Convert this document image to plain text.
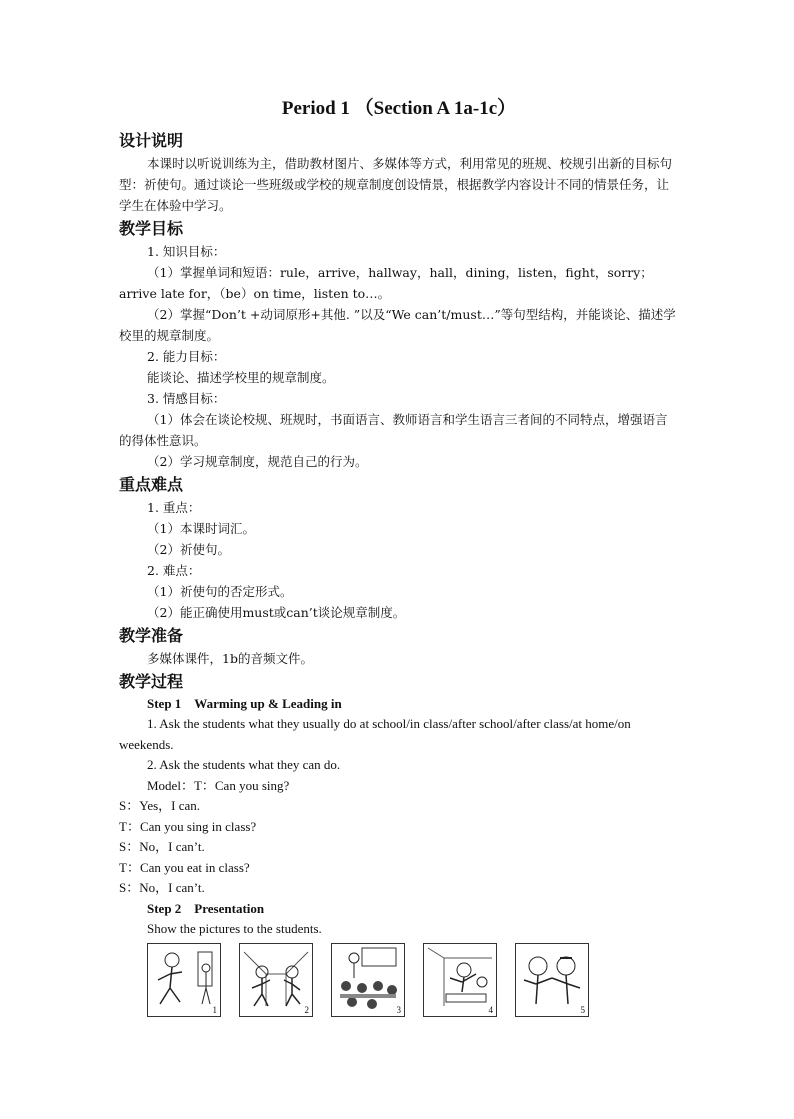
Period 1 （Section A 1a-1c）
设计说明

本课时以听说训练为主，借助教材图片、多媒体等方式，利用常见的班规、校规引出新的目标句型：祈使句。通过谈论一些班级或学校的规章制度创设情景，根据教学内容设计不同的情景任务，让学生在体验中学习。

教学目标

1. 知识目标：

（1）掌握单词和短语：rule，arrive，hallway，hall，dining，listen，fight，sorry；arrive late for，（be）on time，listen to…。

（2）掌握“Don’t +动词原形+其他. ”以及“We can’t/must…”等句型结构，并能谈论、描述学校里的规章制度。

2. 能力目标：

能谈论、描述学校里的规章制度。

3. 情感目标：

（1）体会在谈论校规、班规时，书面语言、教师语言和学生语言三者间的不同特点，增强语言的得体性意识。

（2）学习规章制度，规范自己的行为。

重点难点

1. 重点：

（1）本课时词汇。

（2）祈使句。

2. 难点：

（1）祈使句的否定形式。

（2）能正确使用must或can’t谈论规章制度。

教学准备

多媒体课件，1b的音频文件。

教学过程
Step 1　Warming up & Leading in

1. Ask the students what they usually do at school/in class/after school/after class/at home/on weekends.

2. Ask the students what they can do.

Model：T：Can you sing?

S：Yes，I can.

T：Can you sing in class?

S：No，I can’t.

T：Can you eat in class?

S：No，I can’t.

Step 2　Presentation

Show the pictures to the students.

1	2	3	4	5
